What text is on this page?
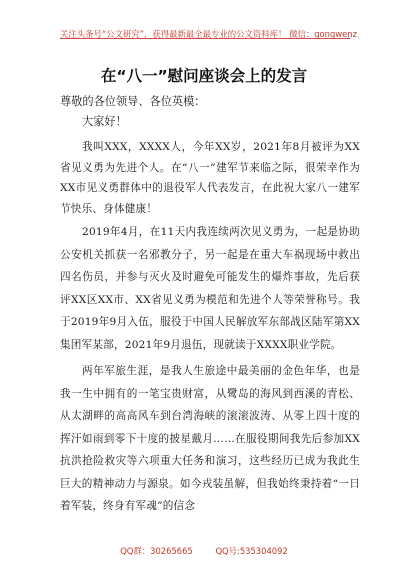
关注头条号“公文研究”，获得最新最全最专业的公文资料库！ 微信：gongwenz
在“八一”慰问座谈会上的发言
尊敬的各位领导、各位英模：
大家好！

我叫XXX，XXXX人，今年XX岁，2021年8月被评为XX省见义勇为先进个人。在“八一”建军节来临之际，很荣幸作为XX市见义勇群体中的退役军人代表发言，在此祝大家八一建军节快乐、身体健康！

2019年4月，在11天内我连续两次见义勇为，一起是协助公安机关抓获一名邪教分子，另一起是在重大车祸现场中救出四名伤员，并参与灭火及时避免可能发生的爆炸事故，先后获评XX区XX市、XX省见义勇为模范和先进个人等荣誉称号。我于2019年9月入伍，服役于中国人民解放军东部战区陆军第XX集团军某部，2021年9月退伍，现就读于XXXX职业学院。

两年军旅生涯，是我人生旅途中最美丽的金色年华，也是我一生中拥有的一笔宝贵财富，从鹭岛的海风到西溪的青松、从太湖畔的高高风车到台湾海峡的滚滚波涛、从零上四十度的挥汗如雨到零下十度的披星戴月……在服役期间我先后参加XX抗洪抢险救灾等六项重大任务和演习，这些经历已成为我此生巨大的精神动力与源泉。如今戎装虽解，但我始终秉持着“一日着军装，终身有军魂”的信念

QQ群：30265665	QQ号:535304092
